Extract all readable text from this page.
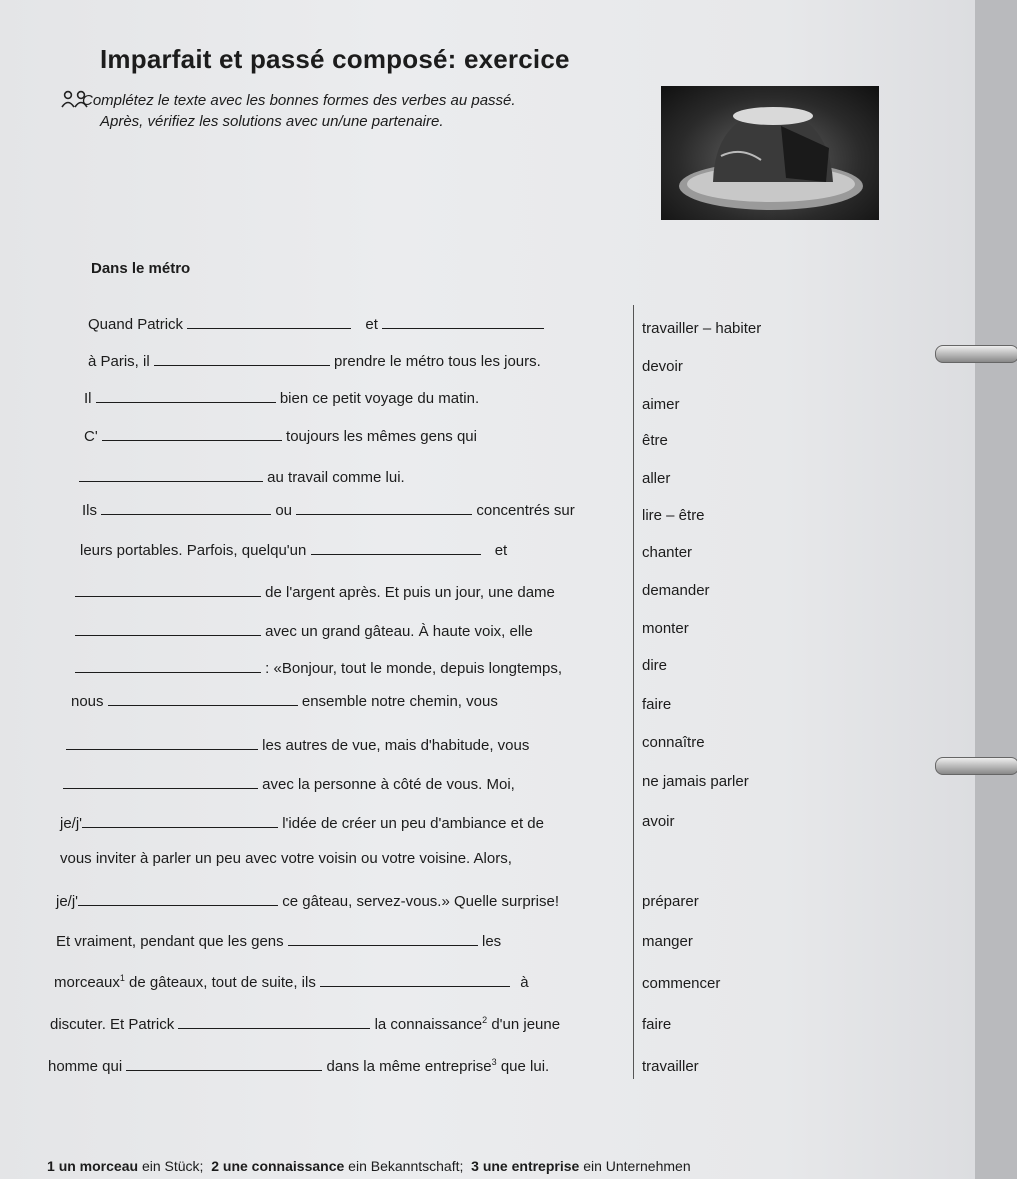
Imparfait et passé composé: exercice
Complétez le texte avec les bonnes formes des verbes au passé.
Après, vérifiez les solutions avec un/une partenaire.
Dans le métro
Quand Patrick	et	travailler – habiter
à Paris, il	prendre le métro tous les jours.	devoir
Il	bien ce petit voyage du matin.	aimer
C'	toujours les mêmes gens qui	être
au travail comme lui.	aller
Ils	ou	concentrés sur	lire – être
leurs portables. Parfois, quelqu'un	et	chanter
de l'argent après. Et puis un jour, une dame	demander
avec un grand gâteau. À haute voix, elle	monter
: «Bonjour, tout le monde, depuis longtemps,	dire
nous	ensemble notre chemin, vous	faire
les autres de vue, mais d'habitude, vous	connaître
avec la personne à côté de vous. Moi,	ne jamais parler
je/j'	l'idée de créer un peu d'ambiance et de	avoir
vous inviter à parler un peu avec votre voisin ou votre voisine. Alors,
je/j'	ce gâteau, servez-vous.» Quelle surprise!	préparer
Et vraiment, pendant que les gens	les	manger
morceaux$^1$ de gâteaux, tout de suite, ils	à	commencer
discuter. Et Patrick	la connaissance$^2$ d'un jeune	faire
homme qui	dans la même entreprise$^3$ que lui.	travailler
1 un morceau ein Stück; 2 une connaissance ein Bekanntschaft; 3 une entreprise ein Unternehmen
